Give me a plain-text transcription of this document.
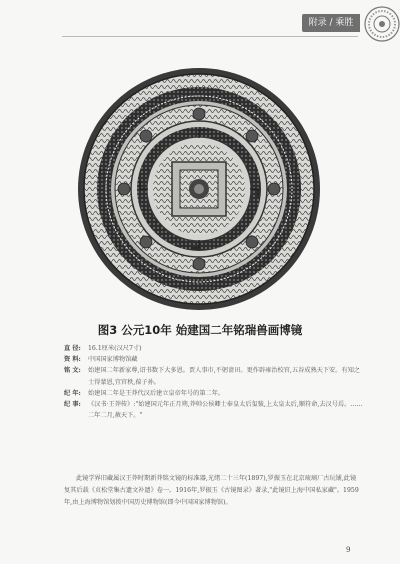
附录 / 乘胜
图3 公元10年 始建国二年铭瑞兽画博镜
直 径:	16.1厘米(汉尺7寸)
资 料:	中国国家博物馆藏
铭 文:	始建国二年新家尊,诏书数下大多恩。贾人事市,不躬啬田。更作辟雍治校官,五谷成熟天下安。有知之士得蒙恩,宜官秩,葆子孙。
纪 年:	始建国二年是王莽代汉后建立皇帝年号的第二年。
纪 事:	《汉书·王莽传》:"始建国元年正月朔,莽帅公侯卿士奉皇太后玺韨,上太皇太后,顺符命,去汉号焉。……二年二月,赦天下。"
此镜学界旧藏属汉王莽时期新莽铭文镜的标准器,光绪二十三年(1897),罗振玉在北京琉璃厂古玩铺,此镜复其后载《贞松堂集古遗文补遗》卷一。1916年,罗振玉《古镜图录》著录,"此镜旧上海中国私家藏"。1959年,由上海博物馆划拨中国历史博物馆(即今中国国家博物馆)。
9
